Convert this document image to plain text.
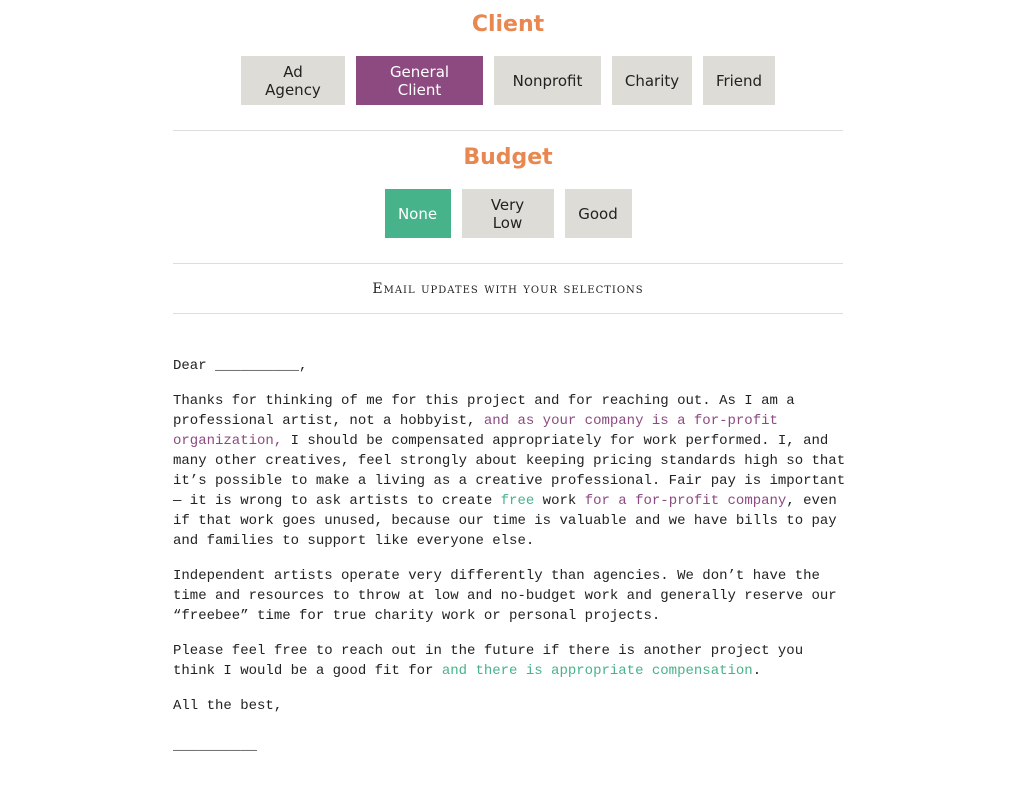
Client
Ad Agency
General Client	Nonprofit	Charity	Friend
Budget
None	Very Low	Good
Email updates with your selections

Dear __________,

Thanks for thinking of me for this project and for reaching out. As I am a professional artist, not a hobbyist, and as your company is a for-profit organization, I should be compensated appropriately for work performed. I, and many other creatives, feel strongly about keeping pricing standards high so that it’s possible to make a living as a creative professional. Fair pay is important — it is wrong to ask artists to create free work for a for-profit company, even if that work goes unused, because our time is valuable and we have bills to pay and families to support like everyone else.

Independent artists operate very differently than agencies. We don’t have the time and resources to throw at low and no-budget work and generally reserve our “freebee” time for true charity work or personal projects.

Please feel free to reach out in the future if there is another project you think I would be a good fit for and there is appropriate compensation.

All the best,

__________
